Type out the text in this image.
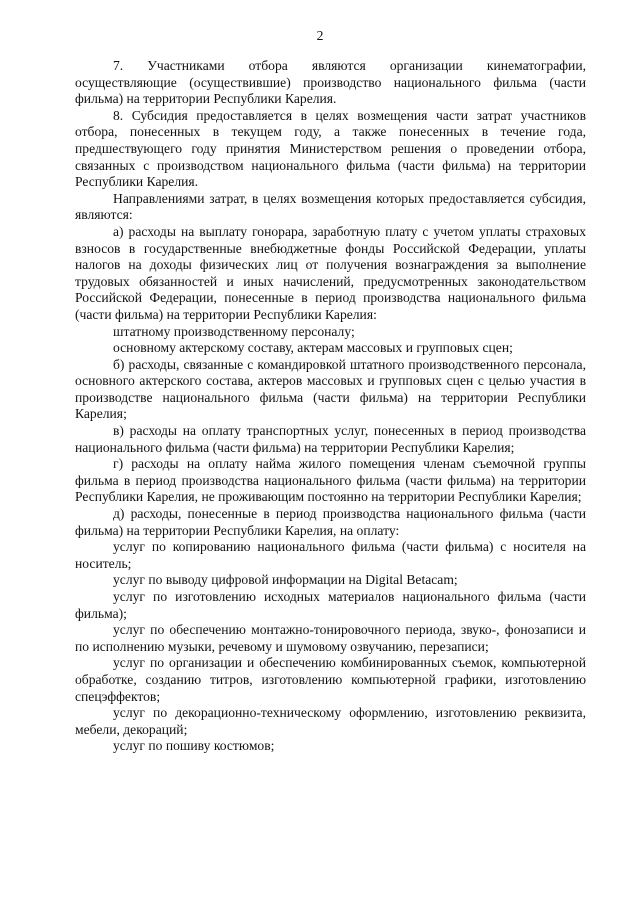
2

7. Участниками отбора являются организации кинематографии, осуществляющие (осуществившие) производство национального фильма (части фильма) на территории Республики Карелия.

8. Субсидия предоставляется в целях возмещения части затрат участников отбора, понесенных в текущем году, а также понесенных в течение года, предшествующего году принятия Министерством решения о проведении отбора, связанных с производством национального фильма (части фильма) на территории Республики Карелия.

Направлениями затрат, в целях возмещения которых предоставляется субсидия, являются:

а) расходы на выплату гонорара, заработную плату с учетом уплаты страховых взносов в государственные внебюджетные фонды Российской Федерации, уплаты налогов на доходы физических лиц от получения вознаграждения за выполнение трудовых обязанностей и иных начислений, предусмотренных законодательством Российской Федерации, понесенные в период производства национального фильма (части фильма) на территории Республики Карелия:

штатному производственному персоналу;

основному актерскому составу, актерам массовых и групповых сцен;

б) расходы, связанные с командировкой штатного производственного персонала, основного актерского состава, актеров массовых и групповых сцен с целью участия в производстве национального фильма (части фильма) на территории Республики Карелия;

в) расходы на оплату транспортных услуг, понесенных в период производства национального фильма (части фильма) на территории Республики Карелия;

г) расходы на оплату найма жилого помещения членам съемочной группы фильма в период производства национального фильма (части фильма) на территории Республики Карелия, не проживающим постоянно на территории Республики Карелия;

д) расходы, понесенные в период производства национального фильма (части фильма) на территории Республики Карелия, на оплату:

услуг по копированию национального фильма (части фильма) с носителя на носитель;

услуг по выводу цифровой информации на Digital Betacam;

услуг по изготовлению исходных материалов национального фильма (части фильма);

услуг по обеспечению монтажно-тонировочного периода, звуко-, фонозаписи и по исполнению музыки, речевому и шумовому озвучанию, перезаписи;

услуг по организации и обеспечению комбинированных съемок, компьютерной обработке, созданию титров, изготовлению компьютерной графики, изготовлению спецэффектов;

услуг по декорационно-техническому оформлению, изготовлению реквизита, мебели, декораций;

услуг по пошиву костюмов;
